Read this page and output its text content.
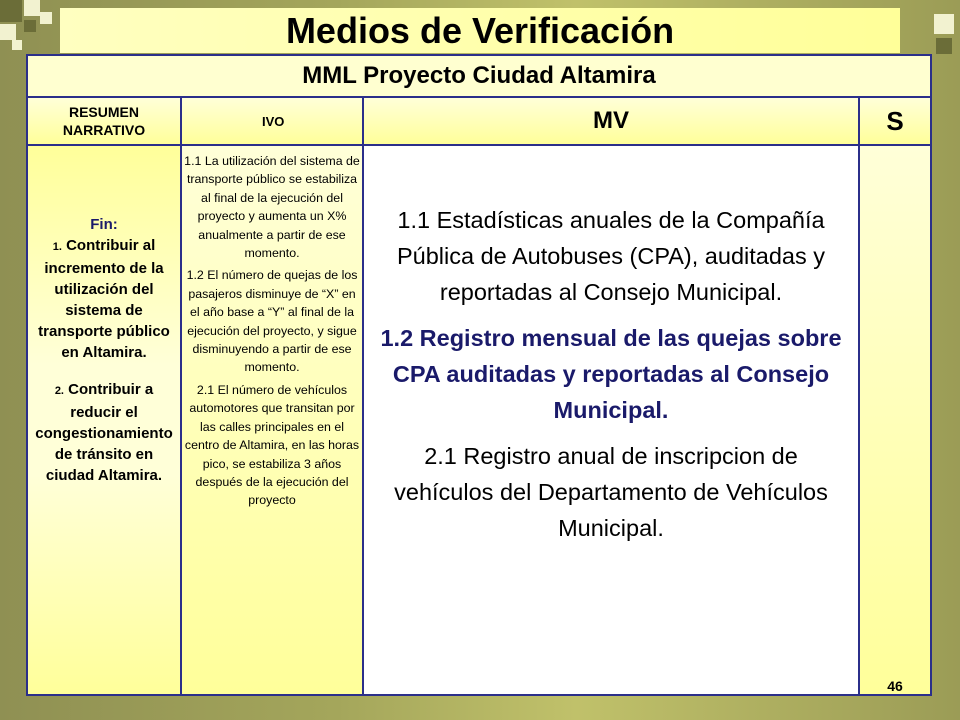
Medios de Verificación
MML Proyecto Ciudad Altamira
RESUMEN NARRATIVO
IVO	MV	S
Fin:
1. Contribuir al incremento de la utilización del sistema de transporte público en Altamira.
2. Contribuir a reducir el congestionamiento de tránsito en ciudad Altamira.

1.1 La utilización del sistema de transporte público se estabiliza al final de la ejecución del proyecto y aumenta un X% anualmente a partir de ese momento.

1.2 El número de quejas de los pasajeros disminuye de “X” en el año base a “Y” al final de la ejecución del proyecto, y sigue disminuyendo a partir de ese momento.

2.1 El número de vehículos automotores que transitan por las calles principales en el centro de Altamira, en las horas pico, se estabiliza 3 años después de la ejecución del proyecto

1.1 Estadísticas anuales de la Compañía Pública de Autobuses (CPA), auditadas y reportadas al Consejo Municipal.

1.2 Registro mensual de las quejas sobre CPA auditadas y reportadas al Consejo Municipal.

2.1 Registro anual de inscripcion de vehículos del Departamento de Vehículos Municipal.

46
